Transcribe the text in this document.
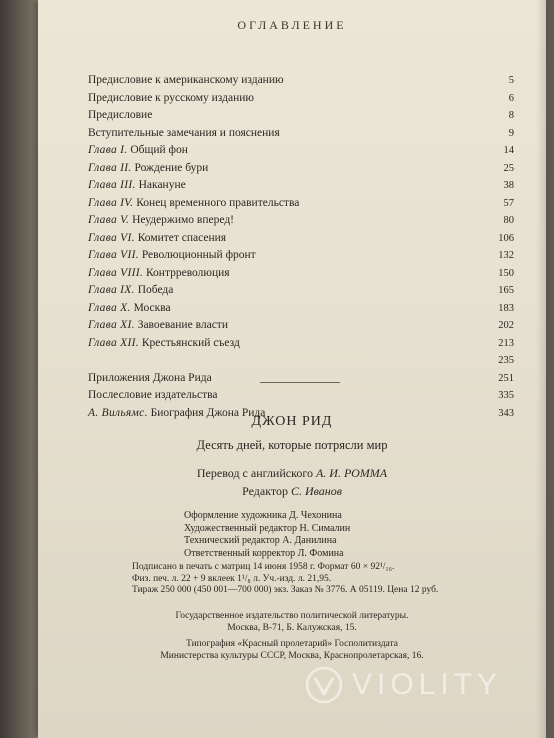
ОГЛАВЛЕНИЕ
Предисловие к американскому изданию	5
Предисловие к русскому изданию	6
Предисловие	8
Вступительные замечания и пояснения	9
Глава I. Общий фон	14
Глава II. Рождение бури	25
Глава III. Накануне	38
Глава IV. Конец временного правительства	57
Глава V. Неудержимо вперед!	80
Глава VI. Комитет спасения	106
Глава VII. Революционный фронт	132
Глава VIII. Контрреволюция	150
Глава IX. Победа	165
Глава X. Москва	183
Глава XI. Завоевание власти	202
Глава XII. Крестьянский съезд	213
235
Приложения Джона Рида	251
Послесловие издательства	335
А. Вильямс. Биография Джона Рида	343
ДЖОН РИД
Десять дней, которые потрясли мир
Перевод с английского А. И. РОММА
Редактор С. Иванов
Оформление художника Д. Чехонина
Художественный редактор Н. Сималин
Технический редактор А. Данилина
Ответственный корректор Л. Фомина
Подписано в печать с матриц 14 июня 1958 г. Формат 60 × 92¹/₁₆.
Физ. печ. л. 22 + 9 вклеек 1¹/₈ л. Уч.-изд. л. 21,95.
Тираж 250 000 (450 001—700 000) экз. Заказ № 3776. А 05119. Цена 12 руб.
Государственное издательство политической литературы.
Москва, В-71, Б. Калужская, 15.
Типография «Красный пролетарий» Госполитиздата
Министерства культуры СССР, Москва, Краснопролетарская, 16.
VIOLITY
